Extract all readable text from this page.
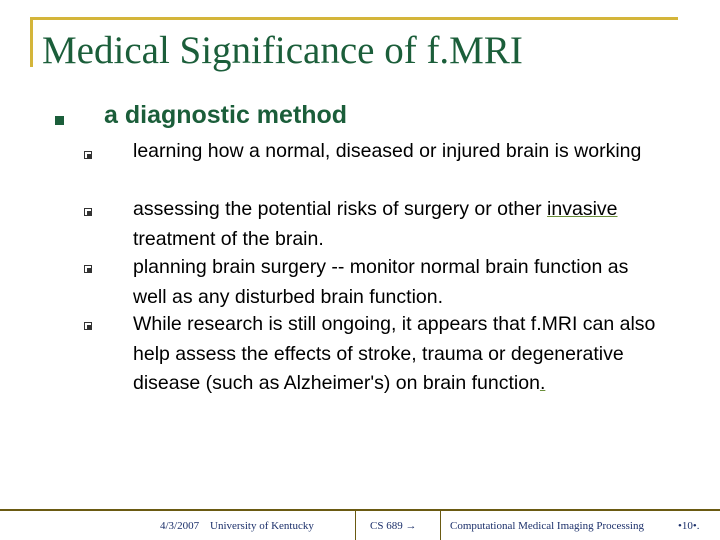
Medical Significance of f.MRI
a diagnostic method
learning how a normal, diseased or injured brain is working
assessing the potential risks of surgery or other invasive treatment of the brain.
planning brain surgery -- monitor normal brain function as well as any disturbed brain function.
While research is still ongoing, it appears that f.MRI can also help assess the effects of stroke, trauma or degenerative disease (such as Alzheimer's) on brain function.
4/3/2007 University of Kentucky	CS 689 →	Computational Medical Imaging Processing	•10•.
